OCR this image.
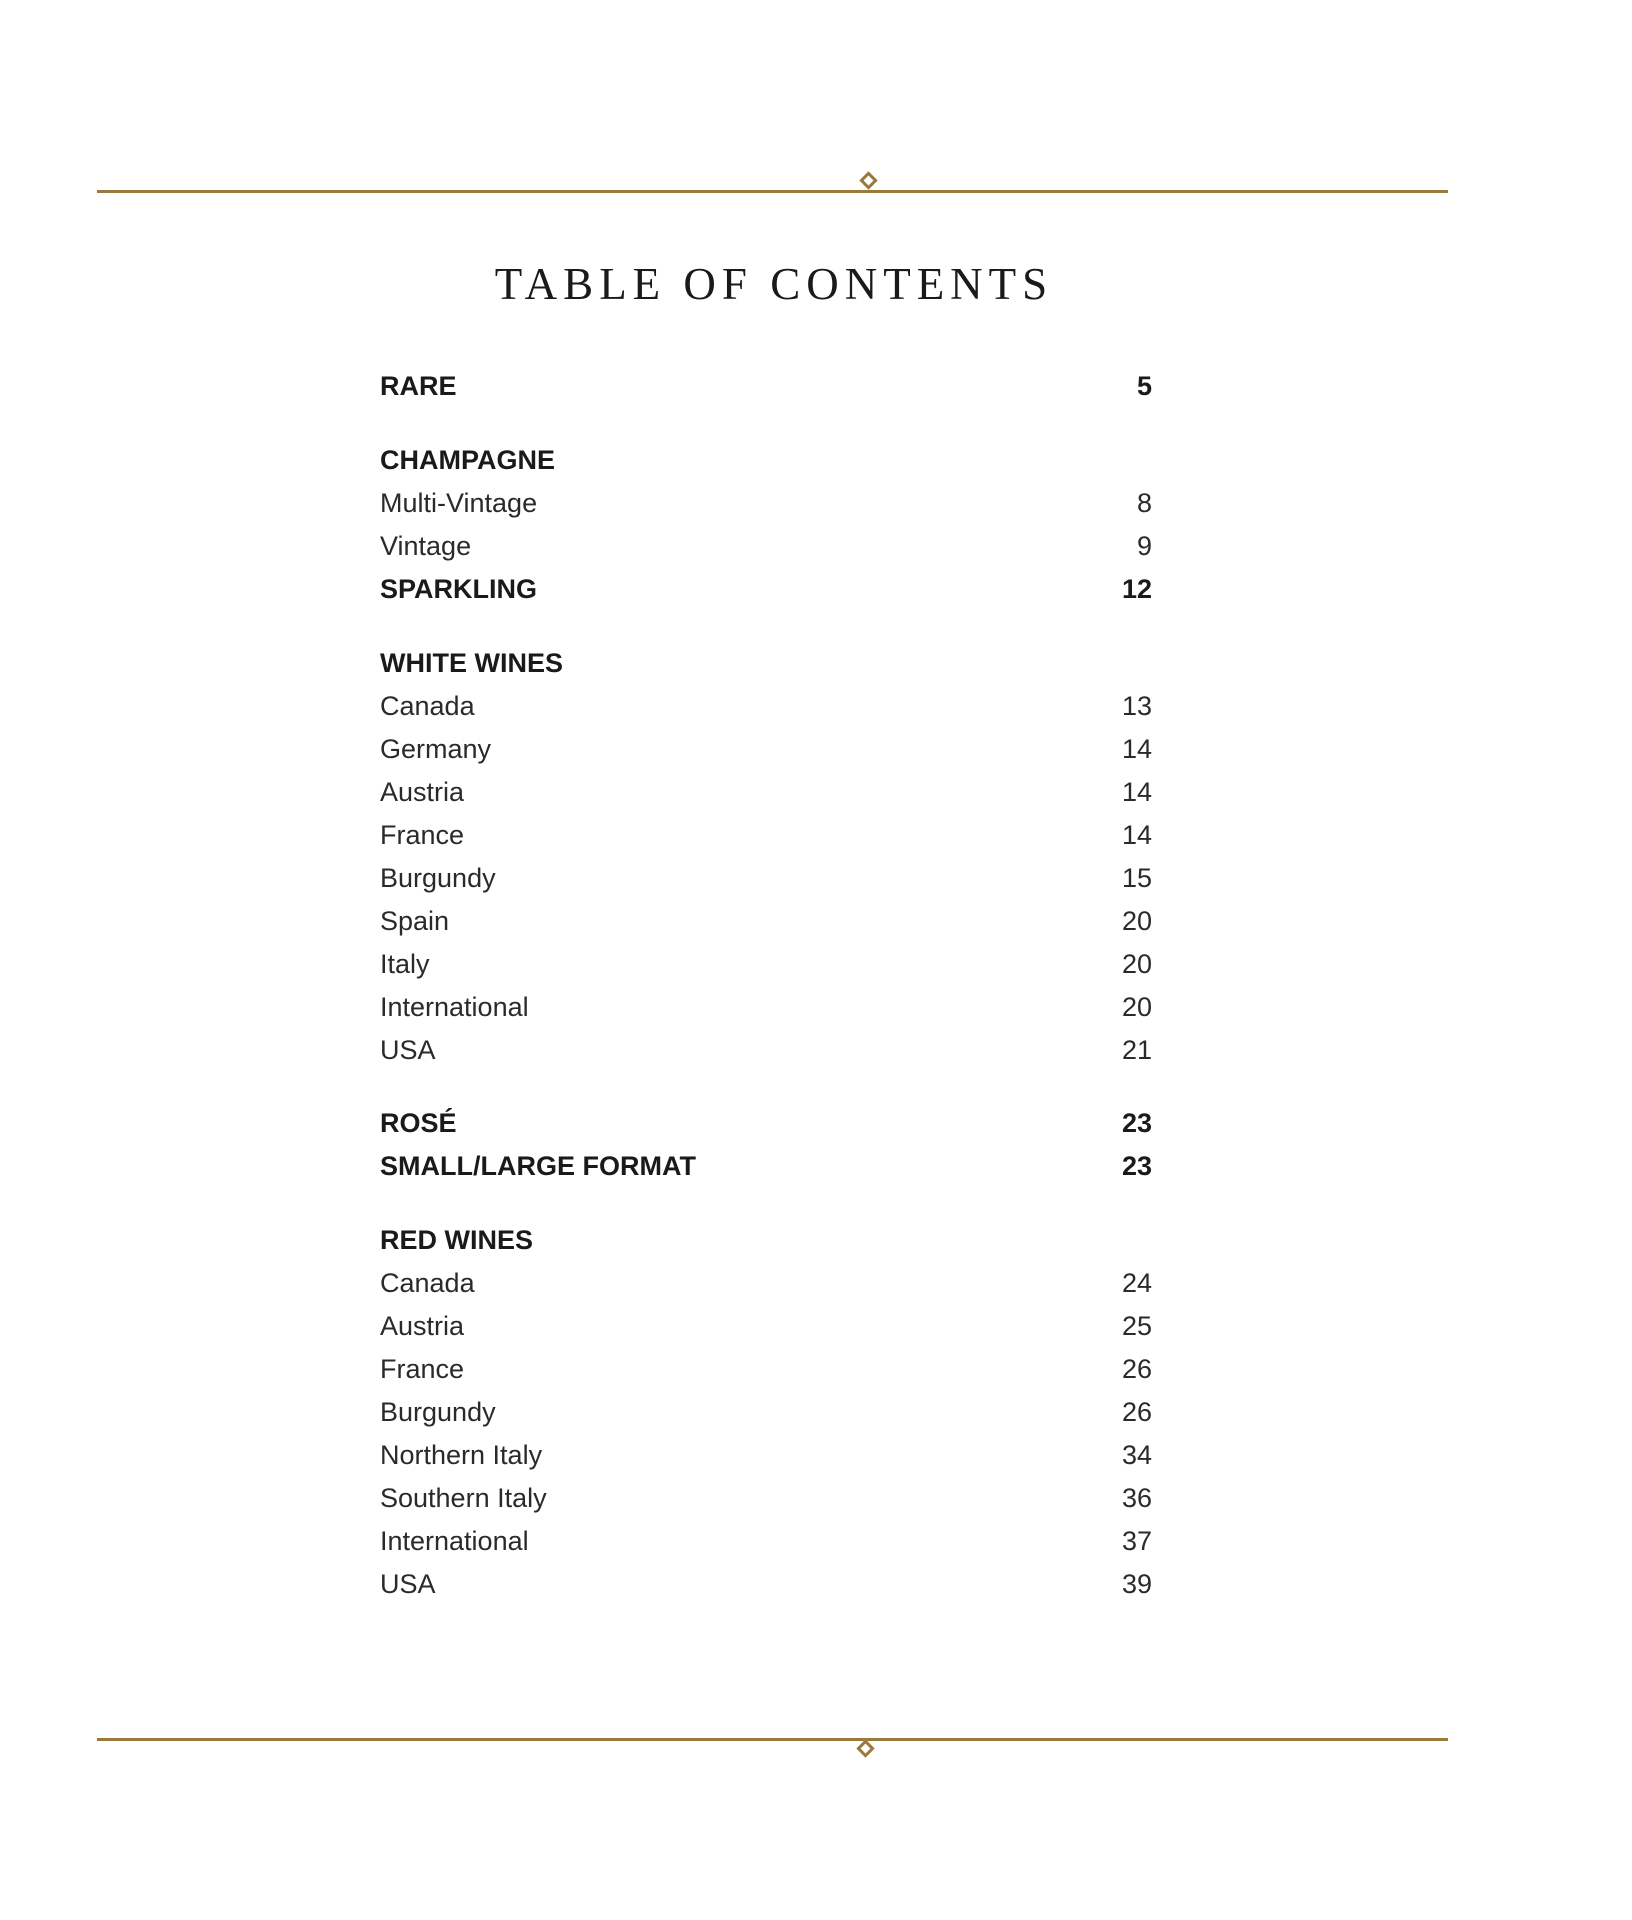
TABLE OF CONTENTS
RARE	5
CHAMPAGNE
Multi-Vintage	8
Vintage	9
SPARKLING	12
WHITE WINES
Canada	13
Germany	14
Austria	14
France	14
Burgundy	15
Spain	20
Italy	20
International	20
USA	21
ROSÉ	23
SMALL/LARGE FORMAT	23
RED WINES
Canada	24
Austria	25
France	26
Burgundy	26
Northern Italy	34
Southern Italy	36
International	37
USA	39
